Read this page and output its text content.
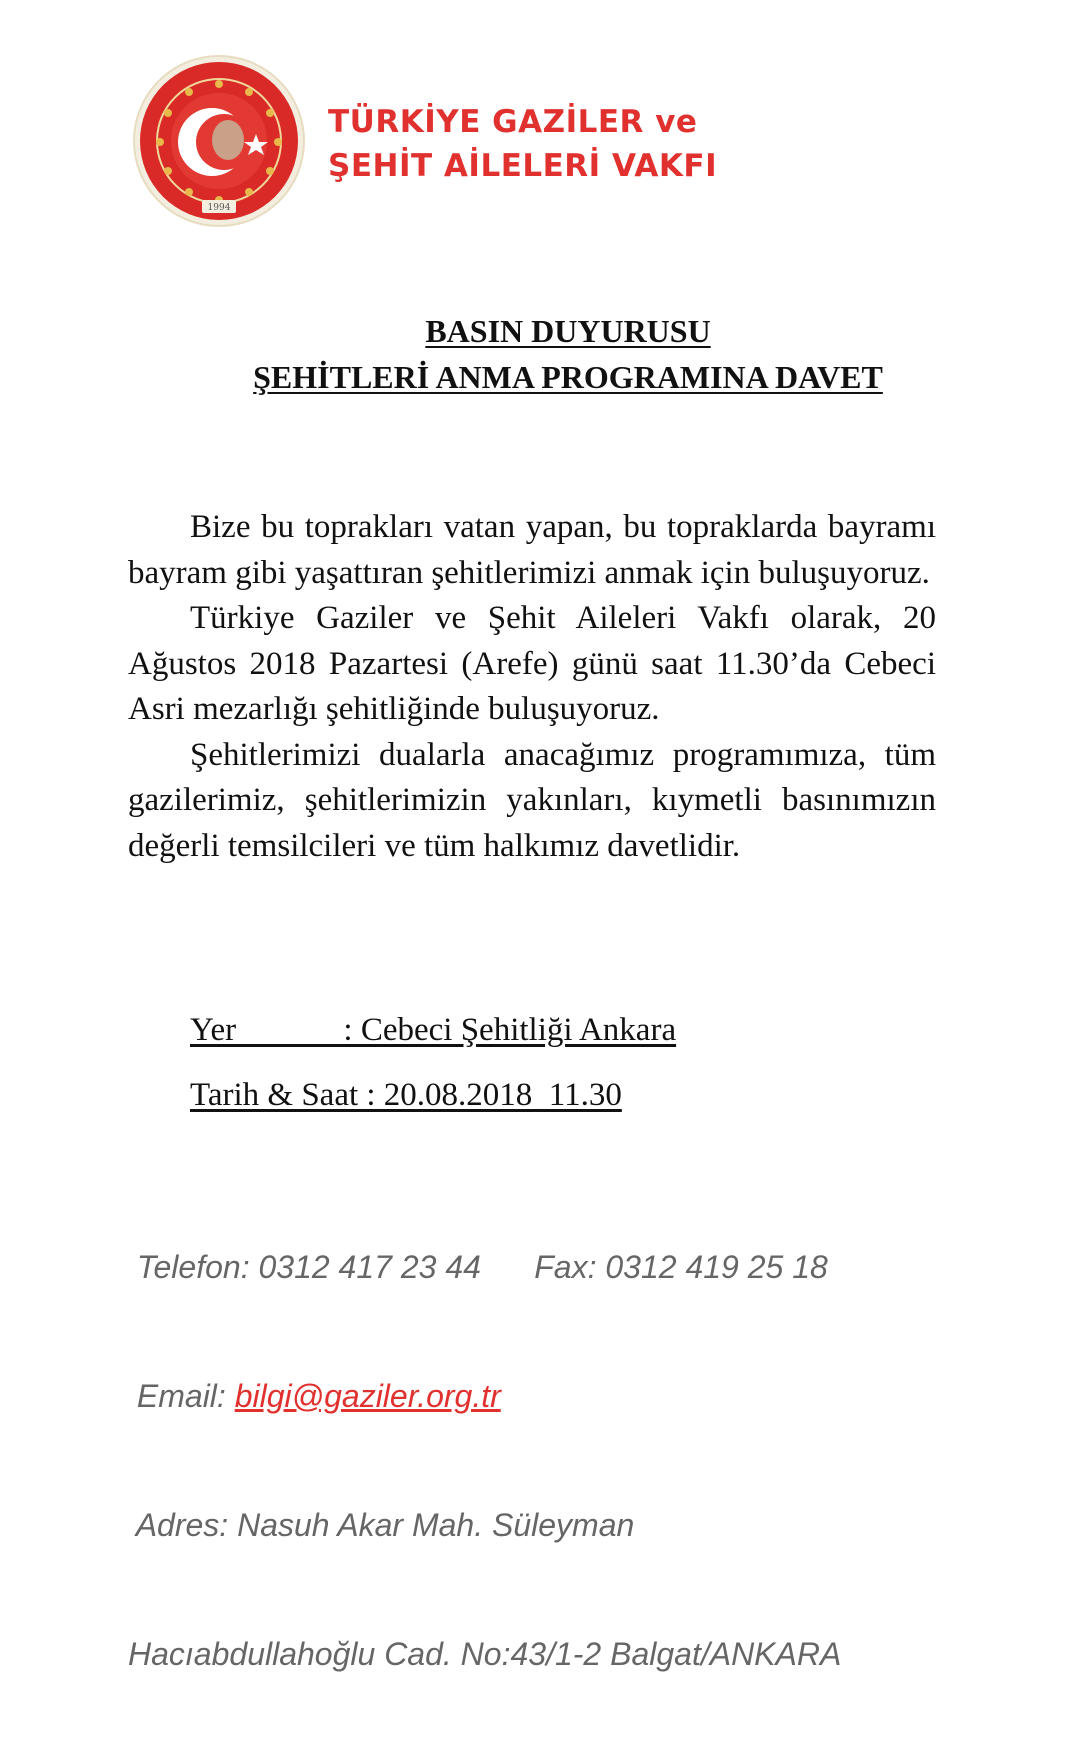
1994
TÜRKİYE GAZİLER ve
ŞEHİT AİLELERİ VAKFI
BASIN DUYURUSU
ŞEHİTLERİ ANMA PROGRAMINA DAVET

Bize bu toprakları vatan yapan, bu topraklarda bayramı bayram gibi yaşattıran şehitlerimizi anmak için buluşuyoruz.

Türkiye Gaziler ve Şehit Aileleri Vakfı olarak, 20 Ağustos 2018 Pazartesi (Arefe) günü saat 11.30’da Cebeci Asri mezarlığı şehitliğinde buluşuyoruz.

Şehitlerimizi dualarla anacağımız programımıza, tüm gazilerimiz, şehitlerimizin yakınları, kıymetli basınımızın değerli temsilcileri ve tüm halkımız davetlidir.

Yer             : Cebeci Şehitliği Ankara
Tarih & Saat : 20.08.2018  11.30

Telefon: 0312 417 23 44      Fax: 0312 419 25 18

Email: bilgi@gaziler.org.tr

Adres: Nasuh Akar Mah. Süleyman

Hacıabdullahoğlu Cad. No:43/1-2 Balgat/ANKARA
